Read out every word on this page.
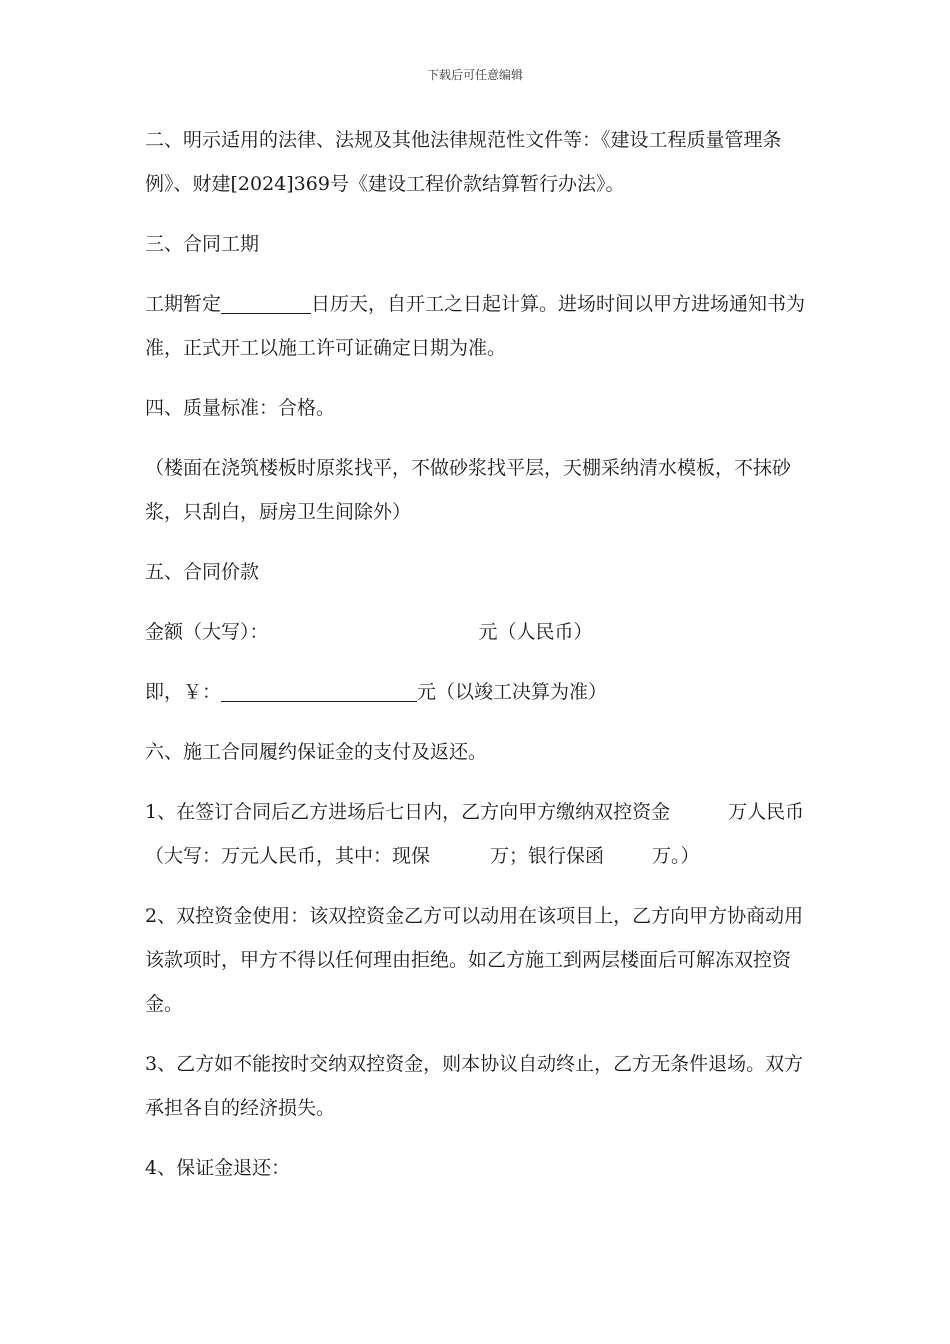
下载后可任意编辑

二、明示适用的法律、法规及其他法律规范性文件等：《建设工程质量管理条例》、财建[2024]369号《建设工程价款结算暂行办法》。

三、合同工期

工期暂定	日历天，自开工之日起计算。进场时间以甲方进场通知书为准，正式开工以施工许可证确定日期为准。

四、质量标准：合格。

（楼面在浇筑楼板时原浆找平，不做砂浆找平层，天棚采纳清水模板，不抹砂浆，只刮白，厨房卫生间除外）

五、合同价款

金额（大写）：	元（人民币）

即，￥：	元（以竣工决算为准）

六、施工合同履约保证金的支付及返还。

1、在签订合同后乙方进场后七日内，乙方向甲方缴纳双控资金	万人民币（大写：万元人民币，其中：现保	万；银行保函	万。）

2、双控资金使用：该双控资金乙方可以动用在该项目上，乙方向甲方协商动用该款项时，甲方不得以任何理由拒绝。如乙方施工到两层楼面后可解冻双控资金。

3、乙方如不能按时交纳双控资金，则本协议自动终止，乙方无条件退场。双方承担各自的经济损失。

4、保证金退还：
